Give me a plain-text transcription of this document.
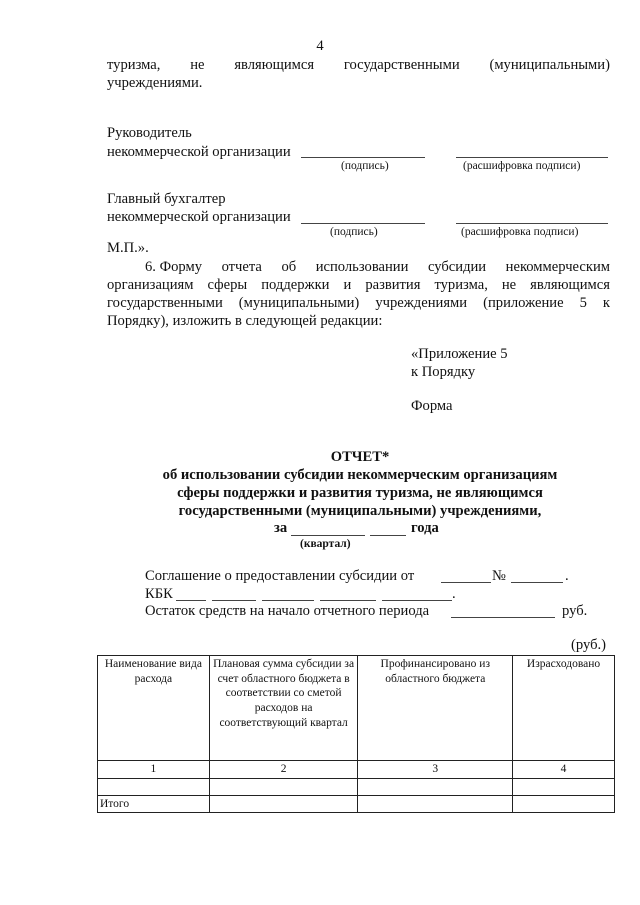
4
туризма, не являющимся государственными (муниципальными)
учреждениями.
Руководитель
некоммерческой организации
(подпись)	(расшифровка подписи)
Главный бухгалтер
некоммерческой организации
(подпись)	(расшифровка подписи)
М.П.».
6. Форму отчета об использовании субсидии некоммерческим
организациям сферы поддержки и развития туризма, не являющимся
государственными (муниципальными) учреждениями (приложение 5 к
Порядку), изложить в следующей редакции:
«Приложение 5
к Порядку
Форма
ОТЧЕТ*
об использовании субсидии некоммерческим организациям
сферы поддержки и развития туризма, не являющимся
государственными (муниципальными) учреждениями,
за	года
(квартал)
Соглашение о предоставлении субсидии от	№	.
КБК	.
Остаток средств на начало отчетного периода	руб.
(руб.)
Наименование вида расхода	Плановая сумма субсидии за счет областного бюджета в соответствии со сметой расходов на соответствующий квартал	Профинансировано из областного бюджета	Израсходовано
1	2	3	4

Итого			
